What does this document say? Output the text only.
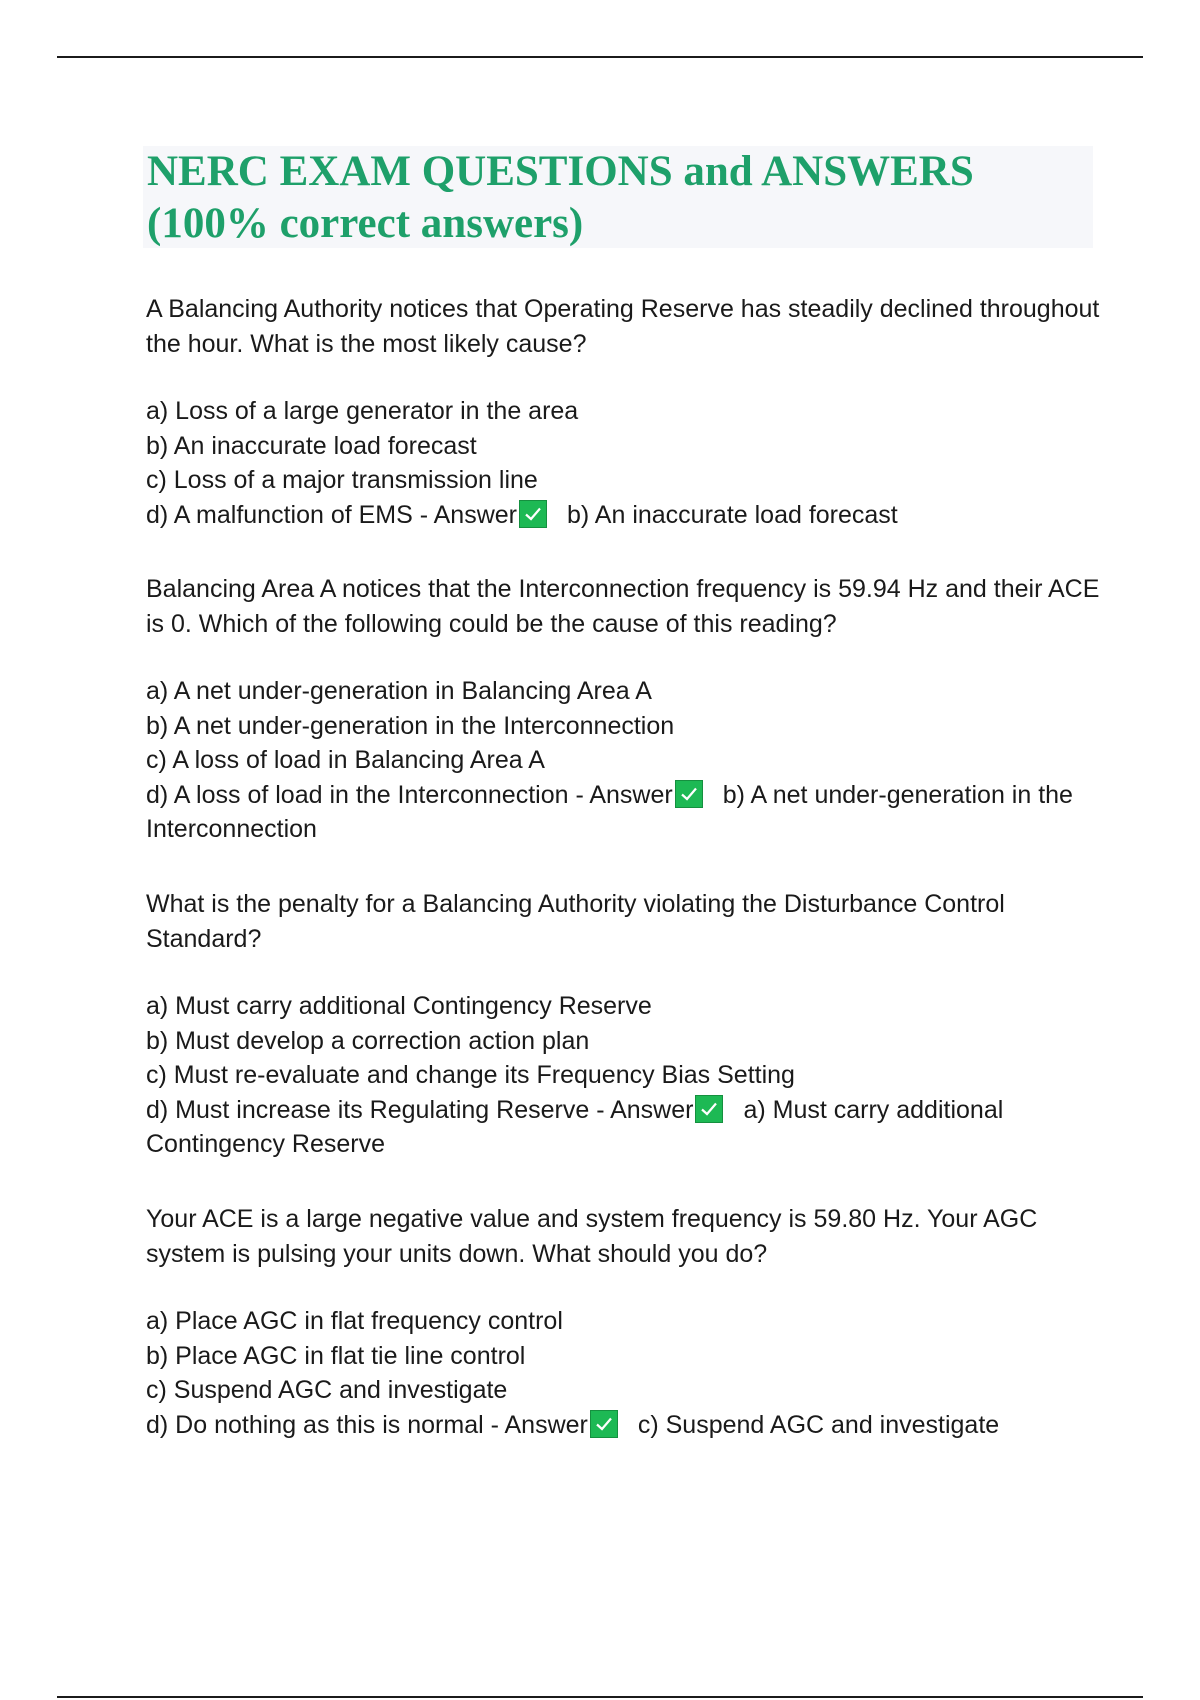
NERC EXAM QUESTIONS and ANSWERS (100% correct answers)

A Balancing Authority notices that Operating Reserve has steadily declined throughout the hour. What is the most likely cause?

a) Loss of a large generator in the area
b) An inaccurate load forecast
c) Loss of a major transmission line

d) A malfunction of EMS - Answer b) An inaccurate load forecast

Balancing Area A notices that the Interconnection frequency is 59.94 Hz and their ACE is 0. Which of the following could be the cause of this reading?

a) A net under-generation in Balancing Area A
b) A net under-generation in the Interconnection
c) A loss of load in Balancing Area A

d) A loss of load in the Interconnection - Answer b) A net under-generation in the Interconnection

What is the penalty for a Balancing Authority violating the Disturbance Control Standard?

a) Must carry additional Contingency Reserve
b) Must develop a correction action plan
c) Must re-evaluate and change its Frequency Bias Setting

d) Must increase its Regulating Reserve - Answer a) Must carry additional Contingency Reserve

Your ACE is a large negative value and system frequency is 59.80 Hz. Your AGC system is pulsing your units down. What should you do?

a) Place AGC in flat frequency control
b) Place AGC in flat tie line control
c) Suspend AGC and investigate

d) Do nothing as this is normal - Answer c) Suspend AGC and investigate
